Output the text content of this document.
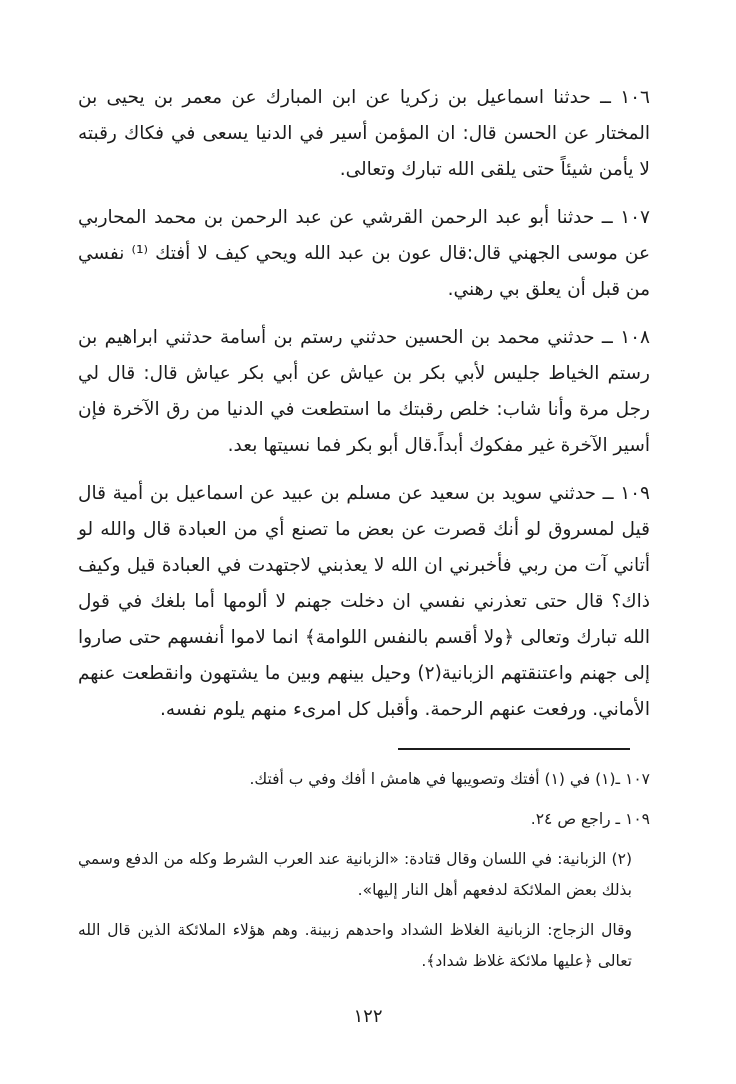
١٠٦ ــ حدثنا اسماعيل بن زكريا عن ابن المبارك عن معمر بن يحيى بن المختار عن الحسن قال: ان المؤمن أسير في الدنيا يسعى في فكاك رقبته لا يأمن شيئاً حتى يلقى الله تبارك وتعالى.

١٠٧ ــ حدثنا أبو عبد الرحمن القرشي عن عبد الرحمن بن محمد المحاربي عن موسى الجهني قال:قال عون بن عبد الله ويحي كيف لا أفتك ⁽¹⁾ نفسي من قبل أن يعلق بي رهني.

١٠٨ ــ حدثني محمد بن الحسين حدثني رستم بن أسامة حدثني ابراهيم بن رستم الخياط جليس لأبي بكر بن عياش عن أبي بكر عياش قال: قال لي رجل مرة وأنا شاب: خلص رقبتك ما استطعت في الدنيا من رق الآخرة فإن أسير الآخرة غير مفكوك أبداً.قال أبو بكر فما نسيتها بعد.

١٠٩ ــ حدثني سويد بن سعيد عن مسلم بن عبيد عن اسماعيل بن أمية قال قيل لمسروق لو أنك قصرت عن بعض ما تصنع أي من العبادة قال والله لو أتاني آت من ربي فأخبرني ان الله لا يعذبني لاجتهدت في العبادة قيل وكيف ذاك؟ قال حتى تعذرني نفسي ان دخلت جهنم لا ألومها أما بلغك في قول الله تبارك وتعالى ﴿ولا أقسم بالنفس اللوامة﴾ انما لاموا أنفسهم حتى صاروا إلى جهنم واعتنقتهم الزبانية(٢) وحيل بينهم وبين ما يشتهون وانقطعت عنهم الأماني. ورفعت عنهم الرحمة. وأقبل كل امرىء منهم يلوم نفسه.

١٠٧ ـ(١) في (١) أفتك وتصويبها في هامش ا أفك وفي ب أفتك.

١٠٩ ـ راجع ص ٢٤.

(٢) الزبانية: في اللسان وقال قتادة: «الزبانية عند العرب الشرط وكله من الدفع وسمي بذلك بعض الملائكة لدفعهم أهل النار إليها».

وقال الزجاج: الزبانية الغلاظ الشداد واحدهم زبينة. وهم هؤلاء الملائكة الذين قال الله تعالى ﴿عليها ملائكة غلاظ شداد﴾.

١٢٢
